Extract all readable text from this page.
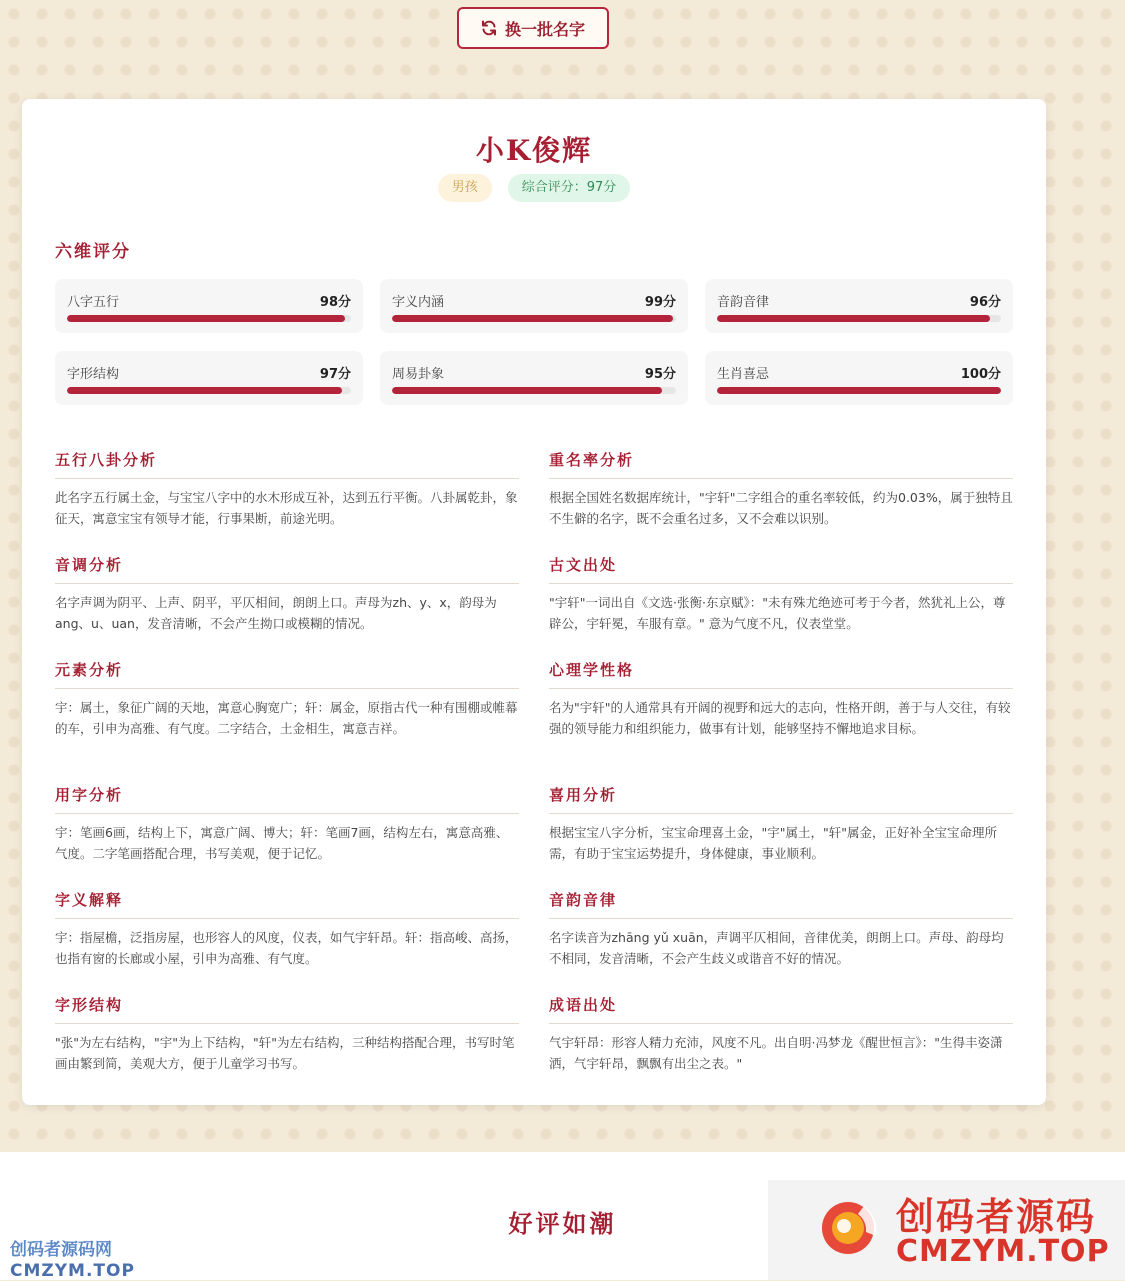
换一批名字
小K俊辉
男孩	综合评分：97分
六维评分
八字五行	98分	字义内涵	99分	音韵音律	96分
字形结构	97分	周易卦象	95分	生肖喜忌	100分
五行八卦分析
此名字五行属土金，与宝宝八字中的水木形成互补，达到五行平衡。八卦属乾卦，象征天，寓意宝宝有领导才能，行事果断，前途光明。
音调分析
名字声调为阴平、上声、阴平，平仄相间，朗朗上口。声母为zh、y、x，韵母为ang、u、uan，发音清晰，不会产生拗口或模糊的情况。
元素分析
宇：属土，象征广阔的天地，寓意心胸宽广；轩：属金，原指古代一种有围棚或帷幕的车，引申为高雅、有气度。二字结合，土金相生，寓意吉祥。
用字分析
宇：笔画6画，结构上下，寓意广阔、博大；轩：笔画7画，结构左右，寓意高雅、气度。二字笔画搭配合理，书写美观，便于记忆。
字义解释
宇：指屋檐，泛指房屋，也形容人的风度，仪表，如气宇轩昂。轩：指高峻、高扬，也指有窗的长廊或小屋，引申为高雅、有气度。
字形结构
"张"为左右结构，"宇"为上下结构，"轩"为左右结构，三种结构搭配合理，书写时笔画由繁到简，美观大方，便于儿童学习书写。
重名率分析
根据全国姓名数据库统计，"宇轩"二字组合的重名率较低，约为0.03%，属于独特且不生僻的名字，既不会重名过多，又不会难以识别。
古文出处
"宇轩"一词出自《文选·张衡·东京赋》："未有殊尤绝迹可考于今者，然犹礼上公，尊辟公，宇轩冕，车服有章。" 意为气度不凡，仪表堂堂。
心理学性格
名为"宇轩"的人通常具有开阔的视野和远大的志向，性格开朗，善于与人交往，有较强的领导能力和组织能力，做事有计划，能够坚持不懈地追求目标。
喜用分析
根据宝宝八字分析，宝宝命理喜土金，"宇"属土，"轩"属金，正好补全宝宝命理所需，有助于宝宝运势提升，身体健康，事业顺利。
音韵音律
名字读音为zhāng yǔ xuān，声调平仄相间，音律优美，朗朗上口。声母、韵母均不相同，发音清晰，不会产生歧义或谐音不好的情况。
成语出处
气宇轩昂：形容人精力充沛，风度不凡。出自明·冯梦龙《醒世恒言》："生得丰姿潇洒，气宇轩昂，飘飘有出尘之表。"
好评如潮
创码者源码网
CMZYM.TOP
创码者源码
CMZYM.TOP
